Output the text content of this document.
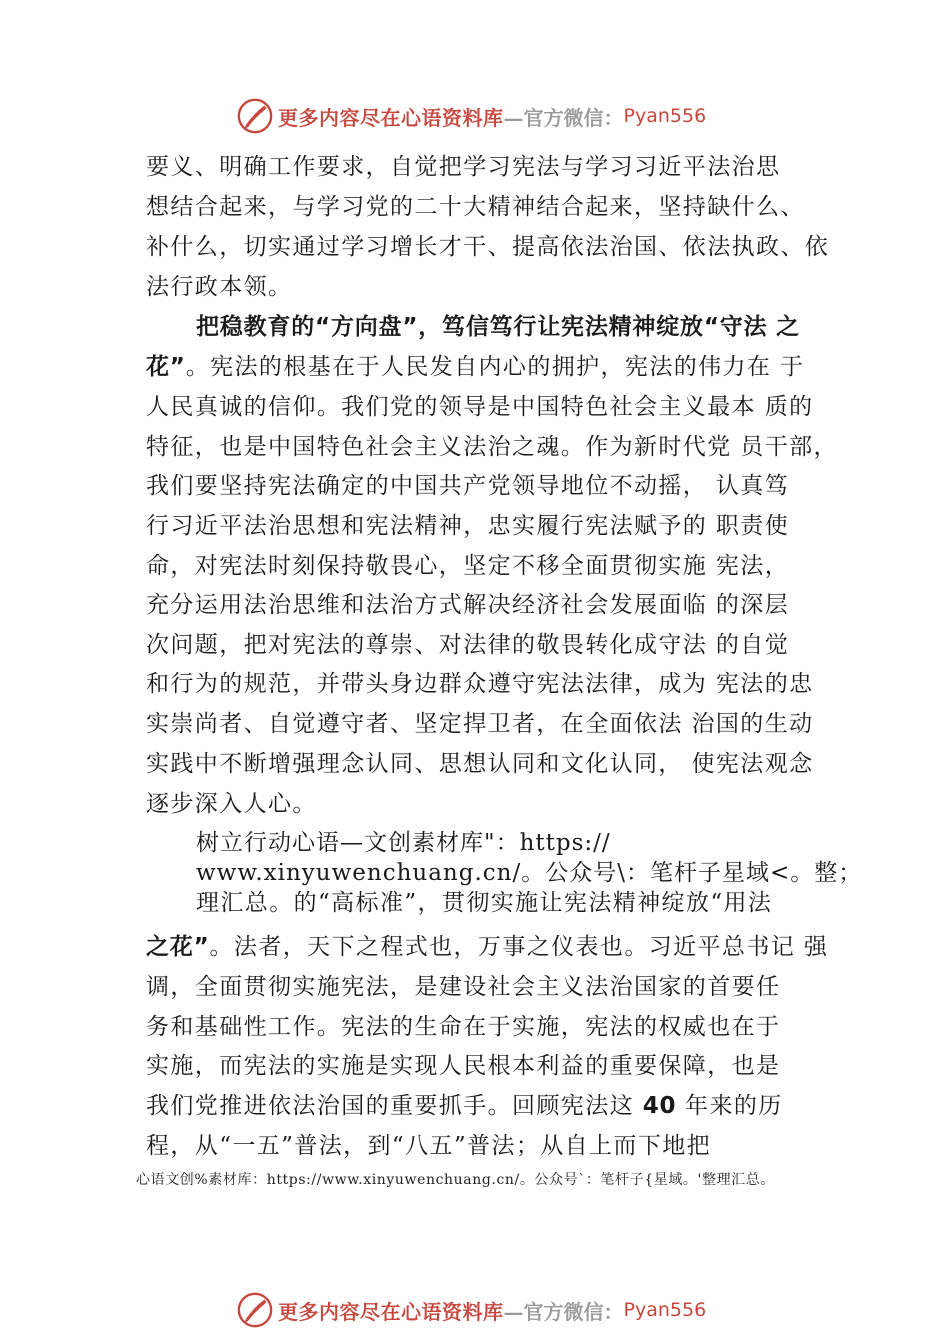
更多内容尽在心语资料库 —官方微信： Pyan556
要义、明确工作要求，自觉把学习宪法与学习习近平法治思
想结合起来，与学习党的二十大精神结合起来，坚持缺什么、
补什么，切实通过学习增长才干、提高依法治国、依法执政、依
法行政本领。
把稳教育的“方向盘”，笃信笃行让宪法精神绽放“守法 之
花”。宪法的根基在于人民发自内心的拥护，宪法的伟力在 于
人民真诚的信仰。我们党的领导是中国特色社会主义最本 质的
特征，也是中国特色社会主义法治之魂。作为新时代党 员干部，
我们要坚持宪法确定的中国共产党领导地位不动摇， 认真笃
行习近平法治思想和宪法精神，忠实履行宪法赋予的 职责使
命，对宪法时刻保持敬畏心，坚定不移全面贯彻实施 宪法，
充分运用法治思维和法治方式解决经济社会发展面临 的深层
次问题，把对宪法的尊崇、对法律的敬畏转化成守法 的自觉
和行为的规范，并带头身边群众遵守宪法法律，成为 宪法的忠
实崇尚者、自觉遵守者、坚定捍卫者，在全面依法 治国的生动
实践中不断增强理念认同、思想认同和文化认同， 使宪法观念
逐步深入人心。
树立行动心语—文创素材库"：https://
www.xinyuwenchuang.cn/。公众号\：笔杆子星域<。整；
理汇总。的“高标准”，贯彻实施让宪法精神绽放“用法
之花”。法者，天下之程式也，万事之仪表也。习近平总书记 强
调，全面贯彻实施宪法，是建设社会主义法治国家的首要任
务和基础性工作。宪法的生命在于实施，宪法的权威也在于
实施，而宪法的实施是实现人民根本利益的重要保障，也是
我们党推进依法治国的重要抓手。回顾宪法这 40 年来的历
程，从“一五”普法，到“八五”普法；从自上而下地把
心语文创%素材库：https://www.xinyuwenchuang.cn/。公众号`：笔杆子{星域。'整理汇总。
更多内容尽在心语资料库 —官方微信： Pyan556
